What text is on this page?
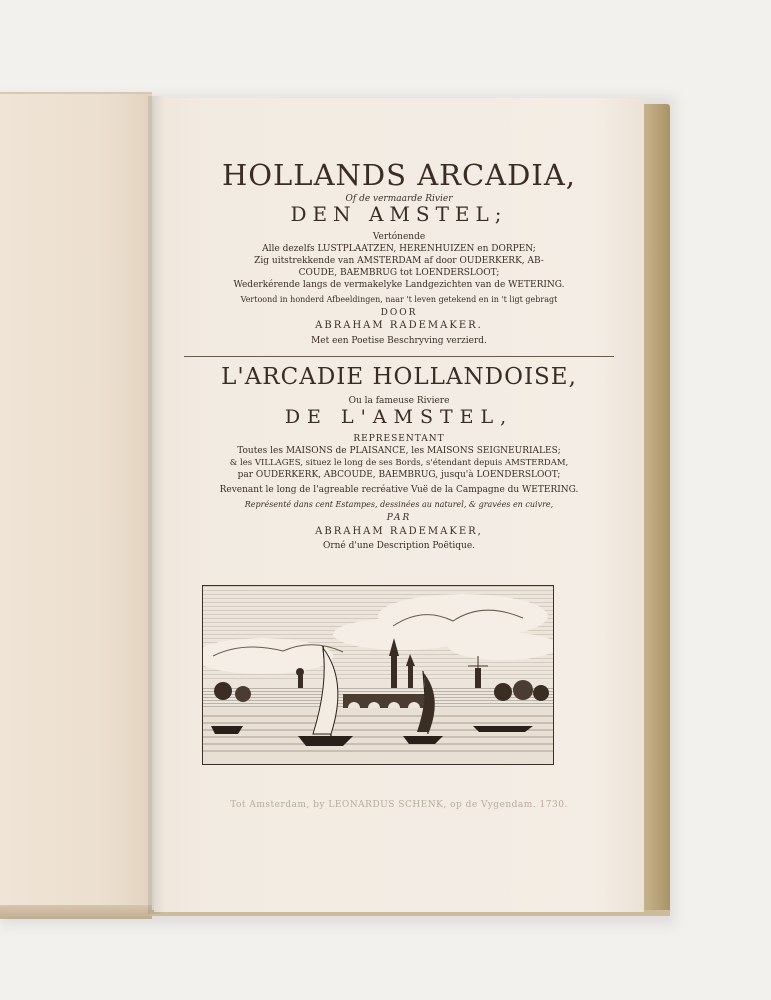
HOLLANDS ARCADIA,
Of de vermaarde Rivier
DEN AMSTEL;
Vertónende
Alle dezelfs LUSTPLAATZEN, HERENHUIZEN en DORPEN;
Zig uitstrekkende van AMSTERDAM af door OUDERKERK, AB-
COUDE, BAEMBRUG tot LOENDERSLOOT;
Wederkérende langs de vermakelyke Landgezichten van de WETERING.
Vertoond in honderd Afbeeldingen, naar 't leven getekend en in 't ligt gebragt
DOOR
ABRAHAM RADEMAKER.
Met een Poetise Beschryving verzierd.
L'ARCADIE HOLLANDOISE,
Ou la fameuse Riviere
DE L'AMSTEL,
REPRESENTANT
Toutes les MAISONS de PLAISANCE, les MAISONS SEIGNEURIALES;
& les VILLAGES, situez le long de ses Bords, s'étendant depuis AMSTERDAM,
par OUDERKERK, ABCOUDE, BAEMBRUG, jusqu'à LOENDERSLOOT;
Revenant le long de l'agreable recréative Vuë de la Campagne du WETERING.
Représenté dans cent Estampes, dessinées au naturel, & gravées en cuivre,
PAR
ABRAHAM RADEMAKER,
Orné d'une Description Poëtique.
Tot Amsterdam, by LEONARDUS SCHENK, op de Vygendam. 1730.
